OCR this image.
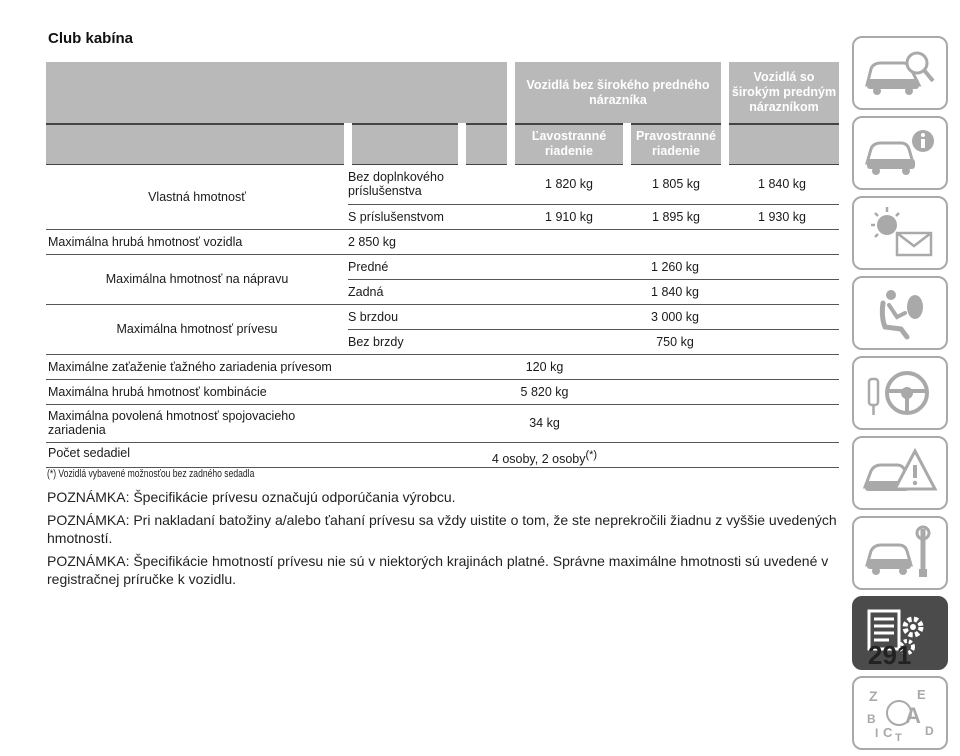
Club kabína
			Vozidlá bez širokého predného nárazníka		Vozidlá so širokým predným nárazníkom
			Ľavostranné riadenie	Pravostranné riadenie	
Vlastná hmotnosť	Bez doplnkového príslušenstva		1 820 kg	1 805 kg	1 840 kg
	S príslušenstvom		1 910 kg	1 895 kg	1 930 kg
Maximálna hrubá hmotnosť vozidla	2 850 kg				
Maximálna hmotnosť na nápravu	Predné		1 260 kg		
	Zadná		1 840 kg		
Maximálna hmotnosť prívesu	S brzdou		3 000 kg		
	Bez brzdy		750 kg		
Maximálne zaťaženie ťažného zariadenia prívesom		120 kg			
Maximálna hrubá hmotnosť kombinácie		5 820 kg			
Maximálna povolená hmotnosť spojovacieho zariadenia		34 kg			
Počet sedadiel		4 osoby, 2 osoby(*)	
(*) Vozidlá vybavené možnosťou bez zadného sedadla

POZNÁMKA: Špecifikácie prívesu označujú odporúčania výrobcu.

POZNÁMKA: Pri nakladaní batožiny a/alebo ťahaní prívesu sa vždy uistite o tom, že ste neprekročili žiadnu z vyššie uvedených hmotností.

POZNÁMKA: Špecifikácie hmotností prívesu nie sú v niektorých krajinách platné. Správne maximálne hmotnosti sú uvedené v registračnej príručke k vozidlu.

Z	E
B A
C	D
T
I
291
